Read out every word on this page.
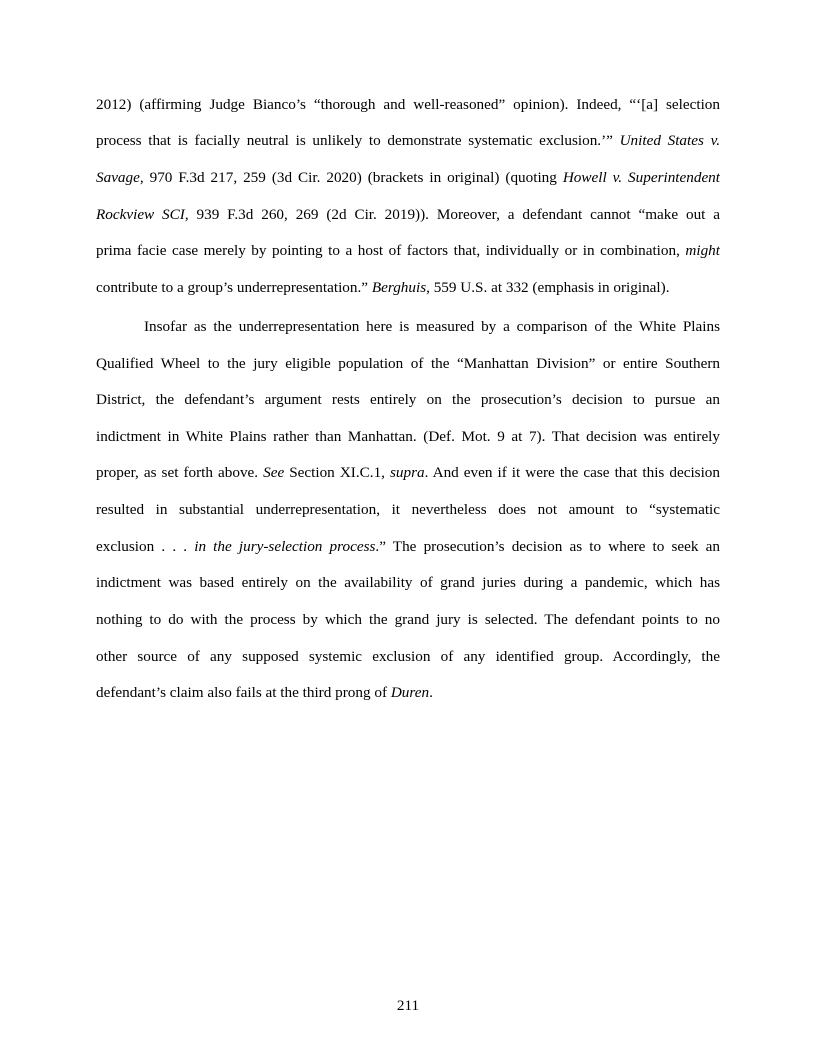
2012) (affirming Judge Bianco’s “thorough and well-reasoned” opinion). Indeed, “‘[a] selection
process that is facially neutral is unlikely to demonstrate systematic exclusion.’” United States v.
Savage, 970 F.3d 217, 259 (3d Cir. 2020) (brackets in original) (quoting Howell v. Superintendent
Rockview SCI, 939 F.3d 260, 269 (2d Cir. 2019)). Moreover, a defendant cannot “make out a
prima facie case merely by pointing to a host of factors that, individually or in combination, might
contribute to a group’s underrepresentation.” Berghuis, 559 U.S. at 332 (emphasis in original).
Insofar as the underrepresentation here is measured by a comparison of the White Plains
Qualified Wheel to the jury eligible population of the “Manhattan Division” or entire Southern
District, the defendant’s argument rests entirely on the prosecution’s decision to pursue an
indictment in White Plains rather than Manhattan. (Def. Mot. 9 at 7). That decision was entirely
proper, as set forth above. See Section XI.C.1, supra. And even if it were the case that this decision
resulted in substantial underrepresentation, it nevertheless does not amount to “systematic
exclusion . . . in the jury-selection process.” The prosecution’s decision as to where to seek an
indictment was based entirely on the availability of grand juries during a pandemic, which has
nothing to do with the process by which the grand jury is selected. The defendant points to no
other source of any supposed systemic exclusion of any identified group. Accordingly, the
defendant’s claim also fails at the third prong of Duren.
211
